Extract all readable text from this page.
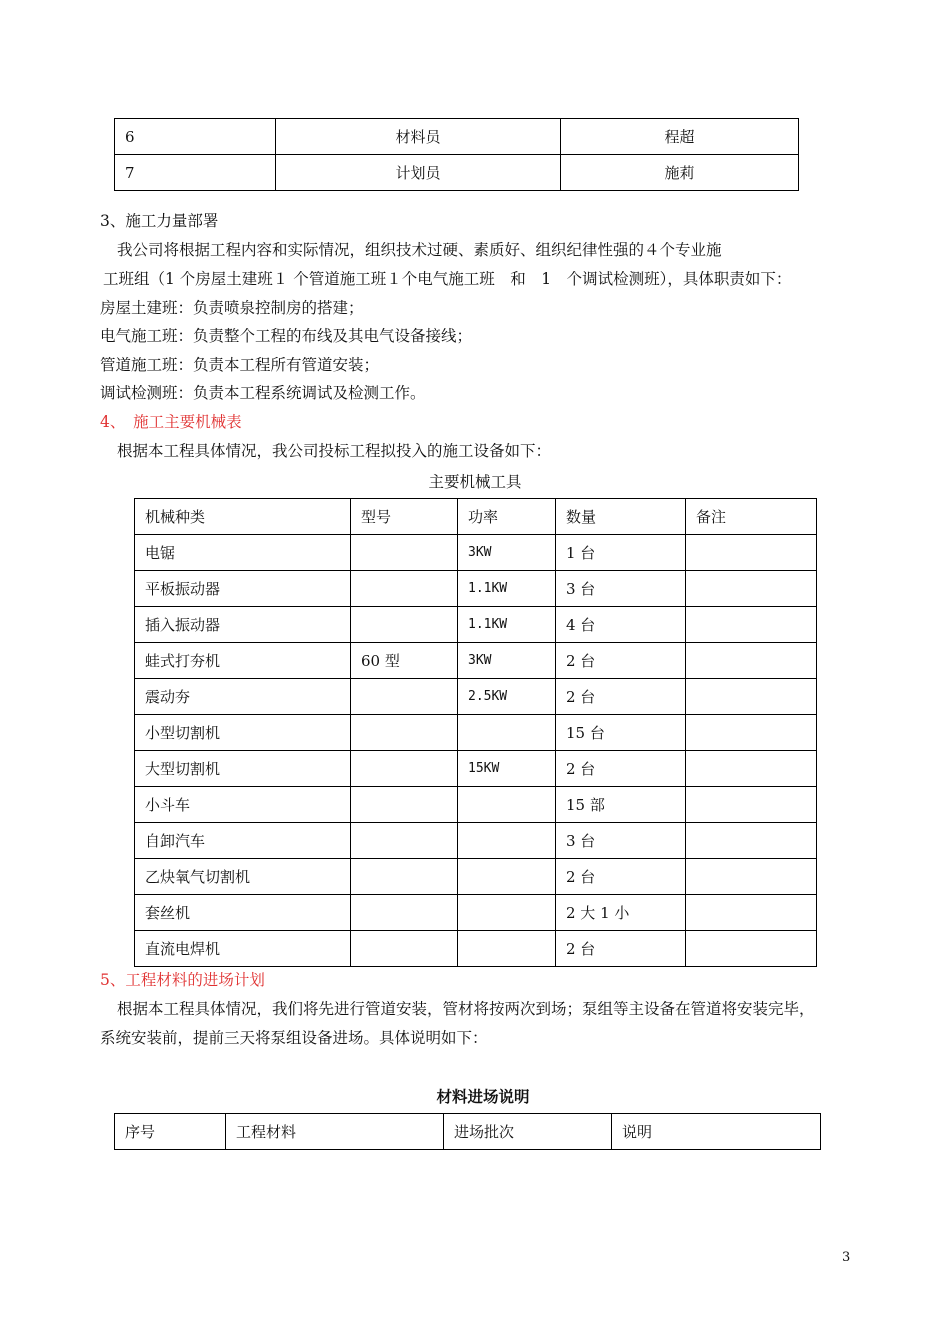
6	材料员	程超
7	计划员	施莉
3、施工力量部署
我公司将根据工程内容和实际情况，组织技术过硬、素质好、组织纪律性强的４个专业施
工班组（1 个房屋土建班１ 个管道施工班１个电气施工班　和　1　个调试检测班），具体职责如下：
房屋土建班：负责喷泉控制房的搭建；
电气施工班：负责整个工程的布线及其电气设备接线；
管道施工班：负责本工程所有管道安装；
调试检测班：负责本工程系统调试及检测工作。
4、　施工主要机械表
根据本工程具体情况，我公司投标工程拟投入的施工设备如下：
主要机械工具
机械种类	型号	功率	数量	备注
电锯		3KW	1 台	
平板振动器		1.1KW	3 台	
插入振动器		1.1KW	4 台	
蛙式打夯机	60 型	3KW	2 台	
震动夯		2.5KW	2 台	
小型切割机			15 台	
大型切割机		15KW	2 台	
小斗车			15 部	
自卸汽车			3 台	
乙炔氧气切割机			2 台	
套丝机			2 大 1 小	
直流电焊机			2 台	
5、工程材料的进场计划
根据本工程具体情况，我们将先进行管道安装，管材将按两次到场；泵组等主设备在管道将安装完毕，
系统安装前，提前三天将泵组设备进场。具体说明如下：
材料进场说明
序号	工程材料	进场批次	说明
3
